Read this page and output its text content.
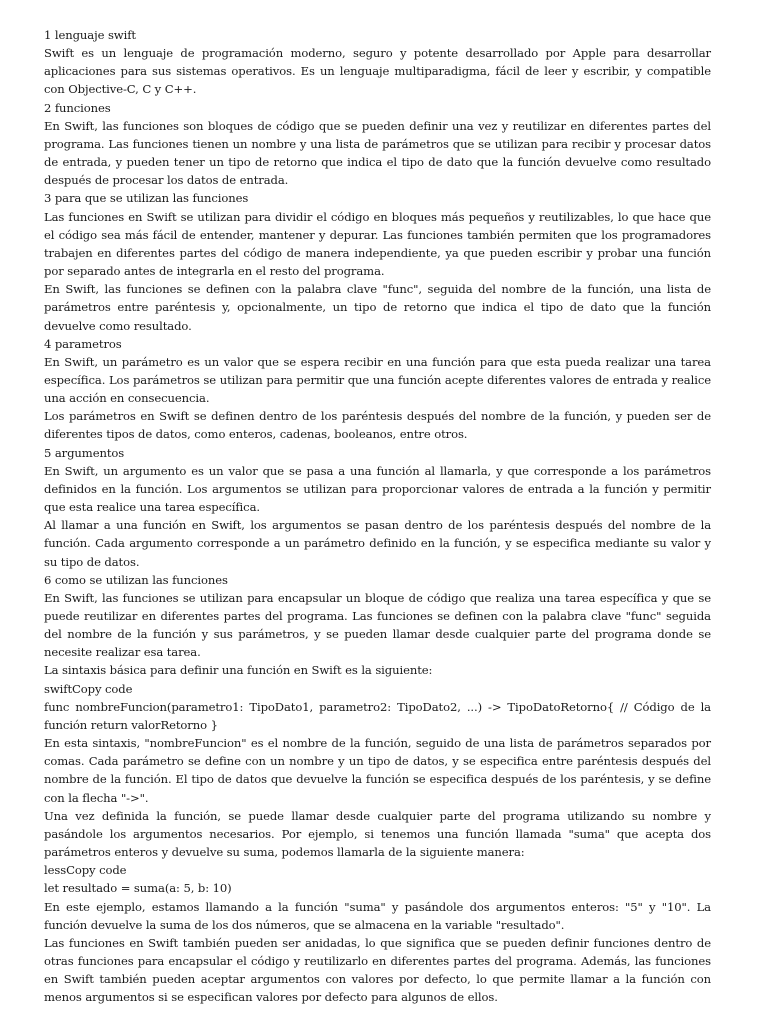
1 lenguaje swift

Swift es un lenguaje de programación moderno, seguro y potente desarrollado por Apple para desarrollar aplicaciones para sus sistemas operativos. Es un lenguaje multiparadigma, fácil de leer y escribir, y compatible con Objective-C, C y C++.

2 funciones

En Swift, las funciones son bloques de código que se pueden definir una vez y reutilizar en diferentes partes del programa. Las funciones tienen un nombre y una lista de parámetros que se utilizan para recibir y procesar datos de entrada, y pueden tener un tipo de retorno que indica el tipo de dato que la función devuelve como resultado después de procesar los datos de entrada.

3 para que se utilizan las funciones

Las funciones en Swift se utilizan para dividir el código en bloques más pequeños y reutilizables, lo que hace que el código sea más fácil de entender, mantener y depurar. Las funciones también permiten que los programadores trabajen en diferentes partes del código de manera independiente, ya que pueden escribir y probar una función por separado antes de integrarla en el resto del programa.

En Swift, las funciones se definen con la palabra clave "func", seguida del nombre de la función, una lista de parámetros entre paréntesis y, opcionalmente, un tipo de retorno que indica el tipo de dato que la función devuelve como resultado.

4 parametros

En Swift, un parámetro es un valor que se espera recibir en una función para que esta pueda realizar una tarea específica. Los parámetros se utilizan para permitir que una función acepte diferentes valores de entrada y realice una acción en consecuencia.

Los parámetros en Swift se definen dentro de los paréntesis después del nombre de la función, y pueden ser de diferentes tipos de datos, como enteros, cadenas, booleanos, entre otros.

5 argumentos

En Swift, un argumento es un valor que se pasa a una función al llamarla, y que corresponde a los parámetros definidos en la función. Los argumentos se utilizan para proporcionar valores de entrada a la función y permitir que esta realice una tarea específica.

Al llamar a una función en Swift, los argumentos se pasan dentro de los paréntesis después del nombre de la función. Cada argumento corresponde a un parámetro definido en la función, y se especifica mediante su valor y su tipo de datos.

6 como se utilizan las funciones

En Swift, las funciones se utilizan para encapsular un bloque de código que realiza una tarea específica y que se puede reutilizar en diferentes partes del programa. Las funciones se definen con la palabra clave "func" seguida del nombre de la función y sus parámetros, y se pueden llamar desde cualquier parte del programa donde se necesite realizar esa tarea.

La sintaxis básica para definir una función en Swift es la siguiente:

swiftCopy code

func nombreFuncion(parametro1: TipoDato1, parametro2: TipoDato2, ...) -> TipoDatoRetorno{ // Código de la función return valorRetorno }

En esta sintaxis, "nombreFuncion" es el nombre de la función, seguido de una lista de parámetros separados por comas. Cada parámetro se define con un nombre y un tipo de datos, y se especifica entre paréntesis después del nombre de la función. El tipo de datos que devuelve la función se especifica después de los paréntesis, y se define con la flecha "->".

Una vez definida la función, se puede llamar desde cualquier parte del programa utilizando su nombre y pasándole los argumentos necesarios. Por ejemplo, si tenemos una función llamada "suma" que acepta dos parámetros enteros y devuelve su suma, podemos llamarla de la siguiente manera:

lessCopy code

let resultado = suma(a: 5, b: 10)

En este ejemplo, estamos llamando a la función "suma" y pasándole dos argumentos enteros: "5" y "10". La función devuelve la suma de los dos números, que se almacena en la variable "resultado".

Las funciones en Swift también pueden ser anidadas, lo que significa que se pueden definir funciones dentro de otras funciones para encapsular el código y reutilizarlo en diferentes partes del programa. Además, las funciones en Swift también pueden aceptar argumentos con valores por defecto, lo que permite llamar a la función con menos argumentos si se especifican valores por defecto para algunos de ellos.
